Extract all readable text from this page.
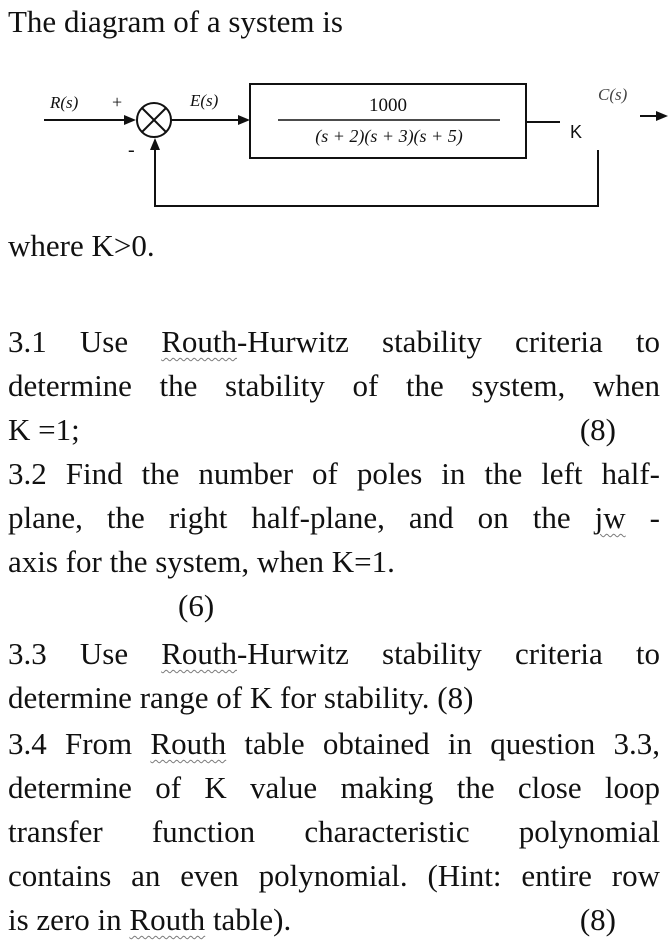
The diagram of a system is
R(s) +
-
E(s)	1000
(s + 2)(s + 3)(s + 5)	K
C(s)
where K>0.
3.1 Use Routh-Hurwitz stability criteria to
determine the stability of the system, when
K =1;	(8)
3.2 Find the number of poles in the left half-
plane, the right half-plane, and on the jw -
axis for the system, when K=1.
(6)
3.3 Use Routh-Hurwitz stability criteria to
determine range of K for stability. (8)
3.4 From Routh table obtained in question 3.3,
determine of K value making the close loop
transfer function characteristic polynomial
contains an even polynomial. (Hint: entire row
is zero in Routh table).	(8)
